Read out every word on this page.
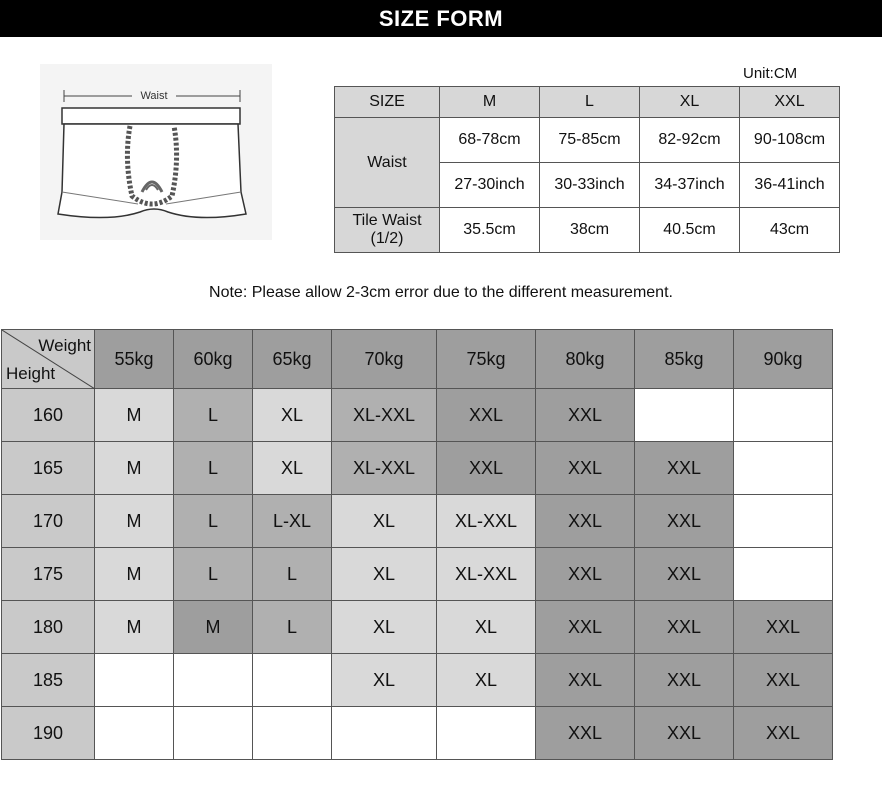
SIZE FORM
Waist
Unit:CM
SIZE	M	L	XL	XXL
Waist	68-78cm	75-85cm	82-92cm	90-108cm
	27-30inch	30-33inch	34-37inch	36-41inch

Tile Waist
(1/2)	35.5cm	38cm	40.5cm	43cm
Note: Please allow 2-3cm error due to the different measurement.
Weight
Height	55kg	60kg	65kg	70kg	75kg	80kg	85kg	90kg
160	M	L	XL	XL-XXL	XXL	XXL		
165	M	L	XL	XL-XXL	XXL	XXL	XXL	
170	M	L	L-XL	XL	XL-XXL	XXL	XXL	
175	M	L	L	XL	XL-XXL	XXL	XXL	
180	M	M	L	XL	XL	XXL	XXL	XXL
185				XL	XL	XXL	XXL	XXL
190						XXL	XXL	XXL
